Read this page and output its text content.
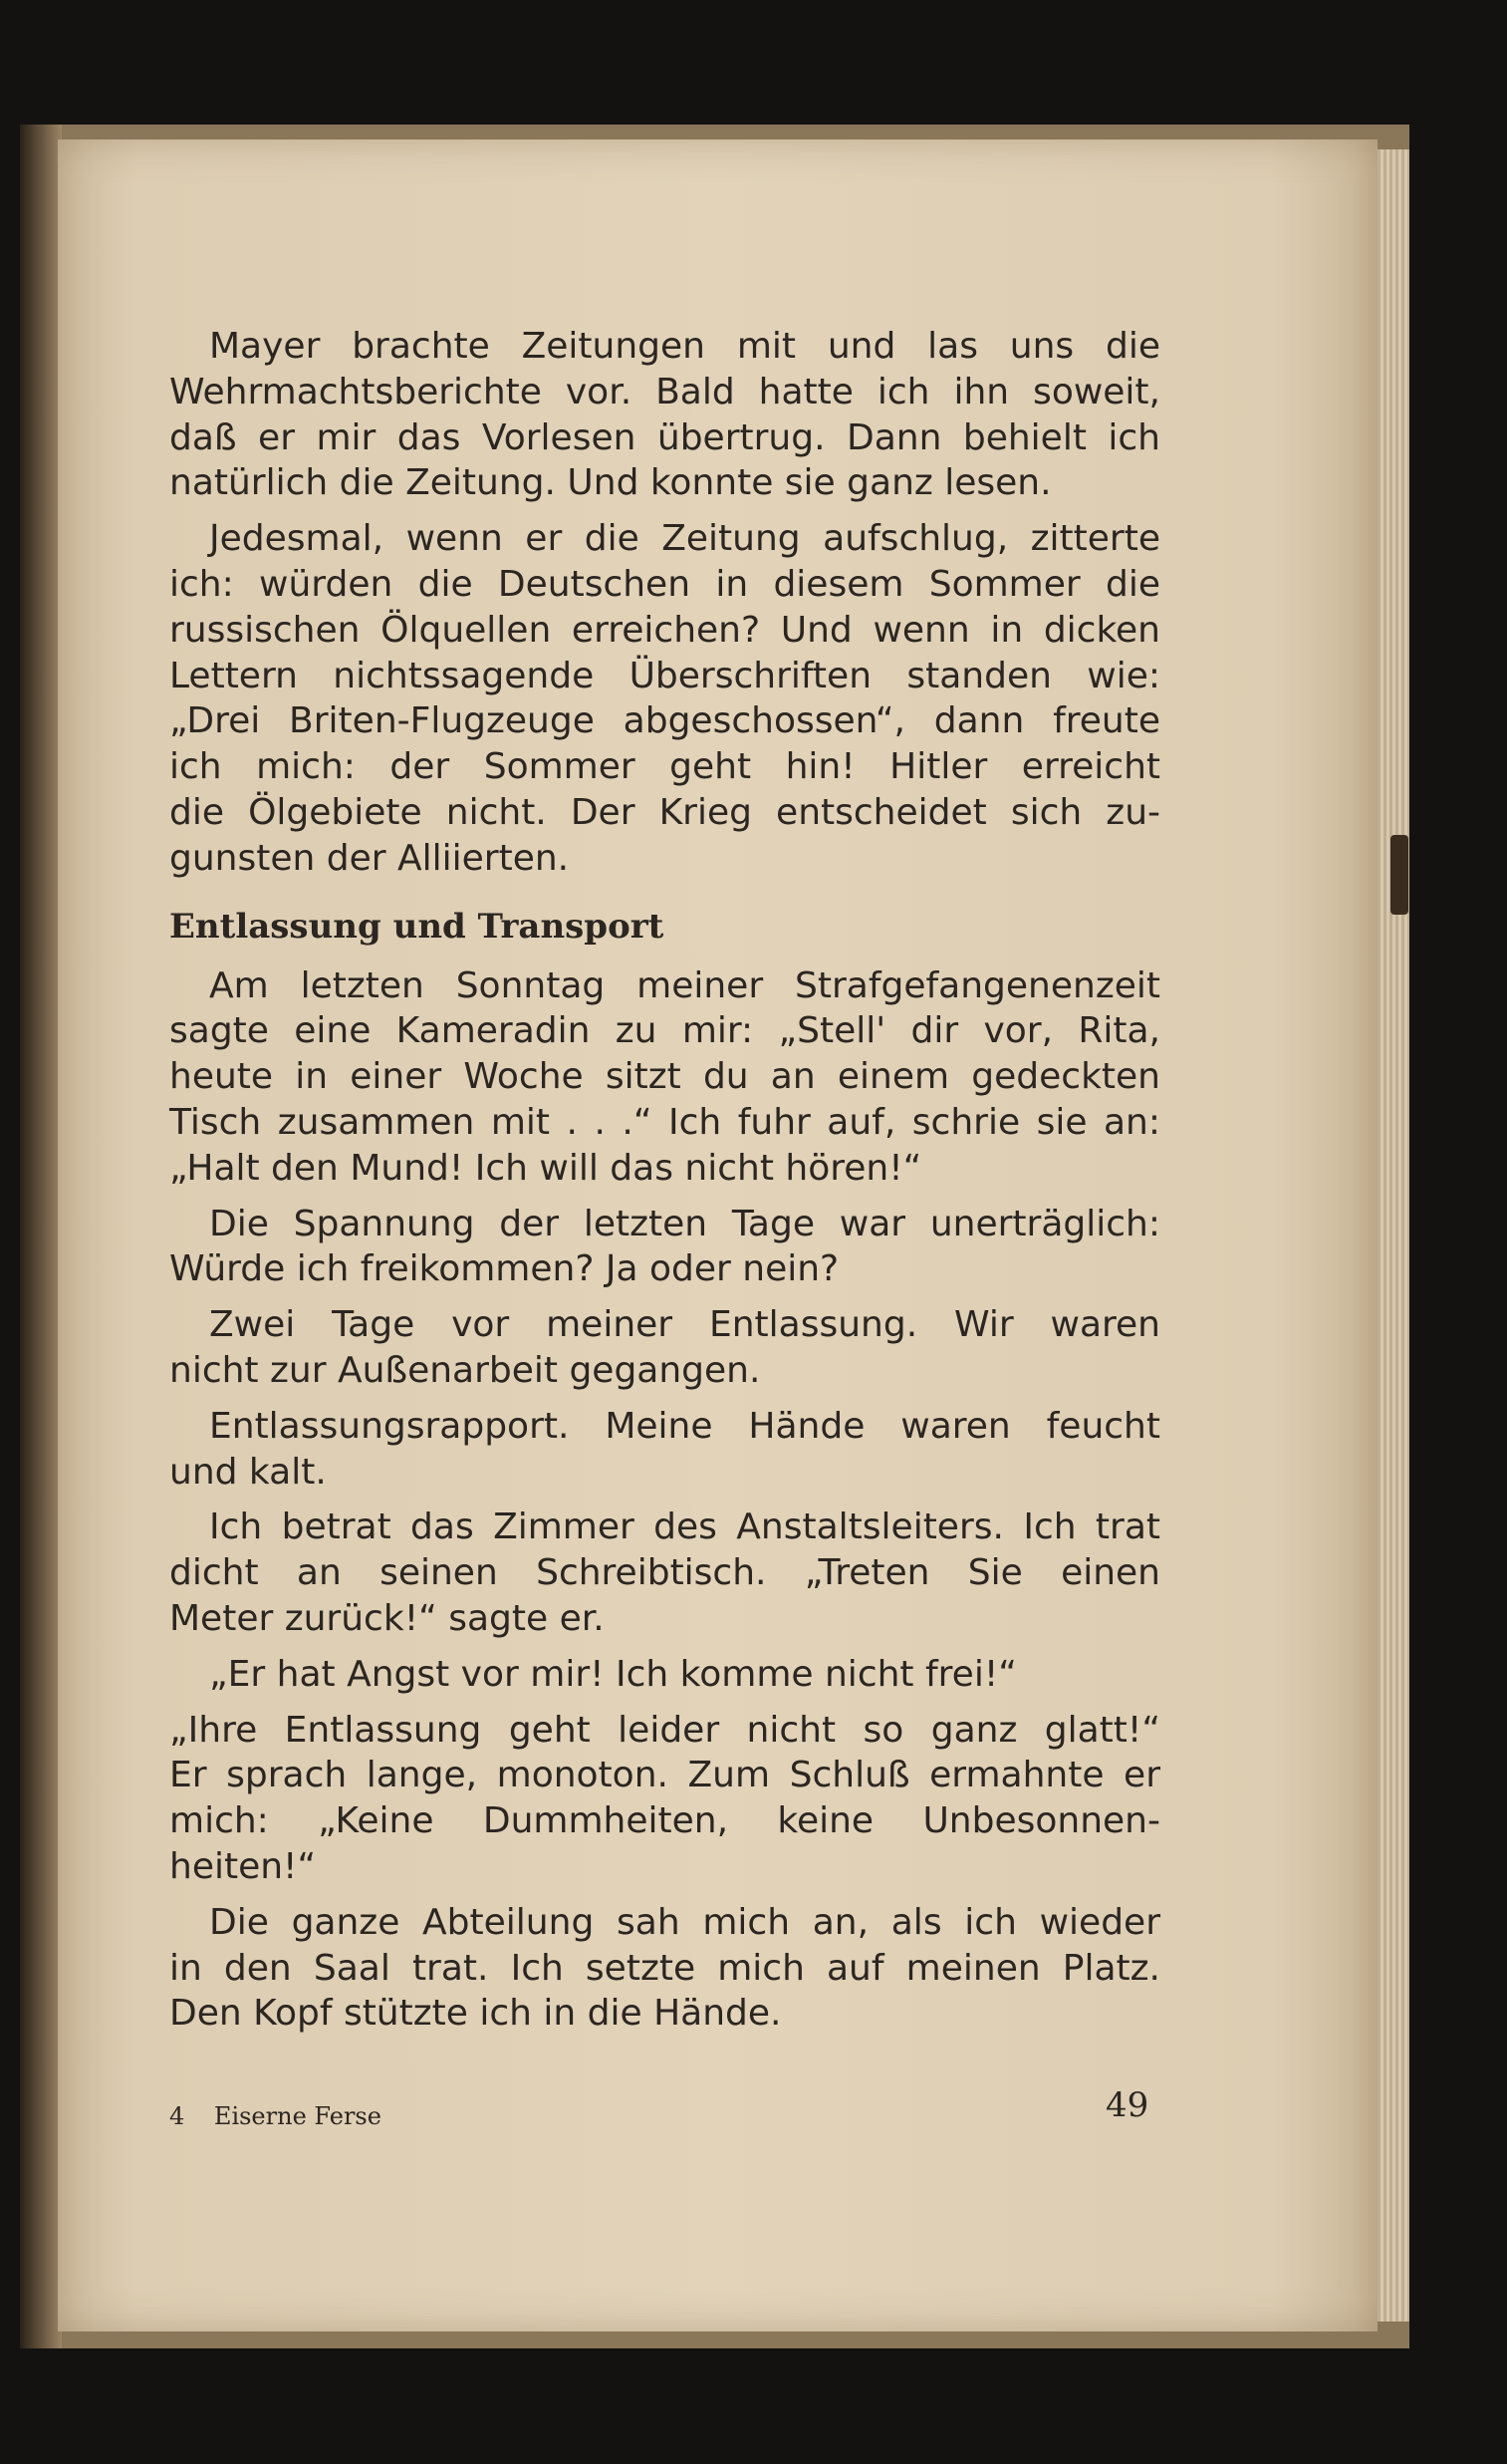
Mayer brachte Zeitungen mit und las uns die
Wehrmachtsberichte vor. Bald hatte ich ihn soweit,
daß er mir das Vorlesen übertrug. Dann behielt ich
natürlich die Zeitung. Und konnte sie ganz lesen.
Jedesmal, wenn er die Zeitung aufschlug, zitterte
ich: würden die Deutschen in diesem Sommer die
russischen Ölquellen erreichen? Und wenn in dicken
Lettern nichtssagende Überschriften standen wie:
„Drei Briten-Flugzeuge abgeschossen“, dann freute
ich mich: der Sommer geht hin! Hitler erreicht
die Ölgebiete nicht. Der Krieg entscheidet sich zu-
gunsten der Alliierten.
Entlassung und Transport
Am letzten Sonntag meiner Strafgefangenenzeit
sagte eine Kameradin zu mir: „Stell' dir vor, Rita,
heute in einer Woche sitzt du an einem gedeckten
Tisch zusammen mit . . .“ Ich fuhr auf, schrie sie an:
„Halt den Mund! Ich will das nicht hören!“
Die Spannung der letzten Tage war unerträglich:
Würde ich freikommen? Ja oder nein?
Zwei Tage vor meiner Entlassung. Wir waren
nicht zur Außenarbeit gegangen.
Entlassungsrapport. Meine Hände waren feucht
und kalt.
Ich betrat das Zimmer des Anstaltsleiters. Ich trat
dicht an seinen Schreibtisch. „Treten Sie einen
Meter zurück!“ sagte er.
„Er hat Angst vor mir! Ich komme nicht frei!“
„Ihre Entlassung geht leider nicht so ganz glatt!“
Er sprach lange, monoton. Zum Schluß ermahnte er
mich: „Keine Dummheiten, keine Unbesonnen-
heiten!“
Die ganze Abteilung sah mich an, als ich wieder
in den Saal trat. Ich setzte mich auf meinen Platz.
Den Kopf stützte ich in die Hände.
4 Eiserne Ferse	49
